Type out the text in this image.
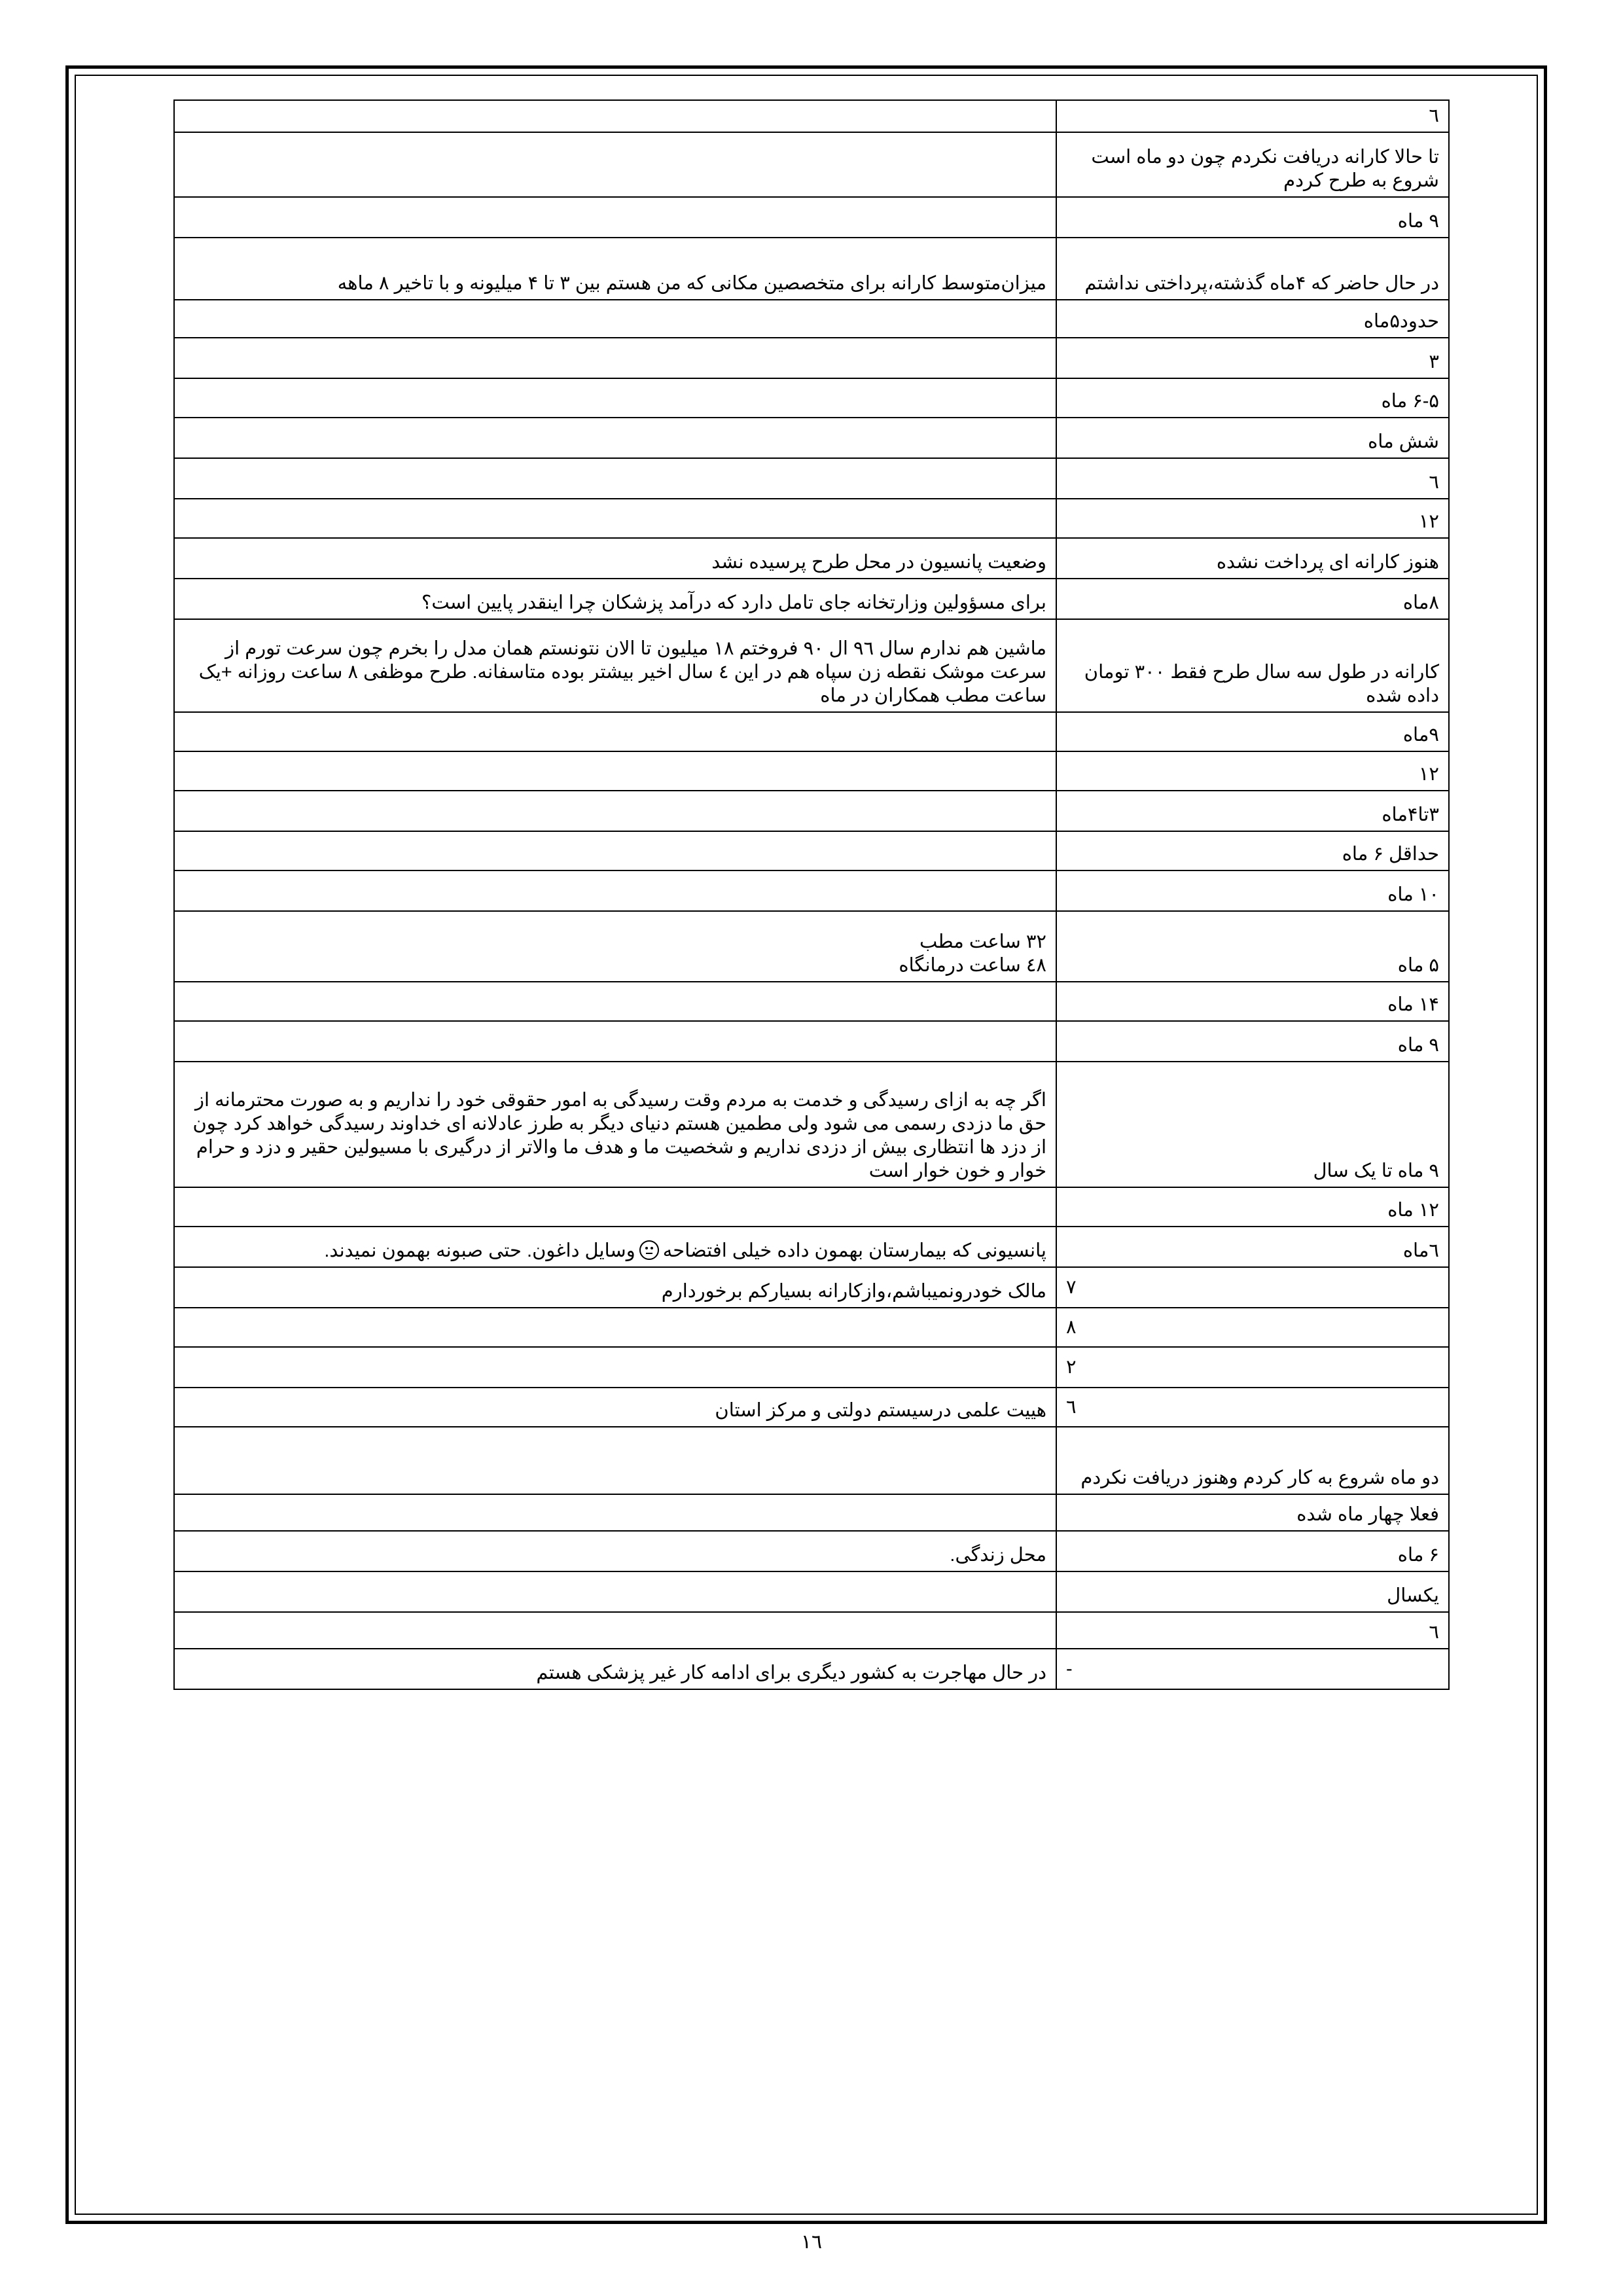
٦	
تا حالا کارانه دریافت نکردم چون دو ماه است شروع به طرح کردم	
۹ ماه	
در حال حاضر که ۴ماه گذشته،پرداختی نداشتم	میزان‌متوسط کارانه برای متخصصین مکانی که من هستم بین ۳ تا ۴ میلیونه و با تاخیر ۸ ماهه
حدود۵ماه	
۳	
۶-۵ ماه	
شش ماه	
٦	
۱۲	
هنوز کارانه ای پرداخت نشده	وضعیت پانسیون در محل طرح پرسیده نشد
۸ماه	برای مسؤولین وزارتخانه جای تامل دارد که درآمد پزشکان چرا اینقدر پایین است؟
کارانه در طول سه سال طرح فقط ۳۰۰ تومان داده شده	ماشین هم ندارم سال ٩٦ ال ٩٠ فروختم ١٨ میلیون تا الان نتونستم همان مدل را بخرم چون سرعت تورم از سرعت موشک نقطه زن سپاه هم در این ٤ سال اخیر بیشتر بوده متاسفانه. طرح موظفی ٨ ساعت روزانه +یک ساعت مطب همکاران در ماه
۹ماه	
۱۲	
۳تا۴ماه	
حداقل ۶ ماه	
۱۰ ماه	
۵ ماه	٣٢ ساعت مطب
٤٨ ساعت درمانگاه
۱۴ ماه	
۹ ماه	
۹ ماه تا یک سال	اگر چه به ازای رسیدگی و خدمت به مردم وقت رسیدگی به امور حقوقی خود را نداریم و به صورت محترمانه از حق ما دزدی رسمی می شود ولی مطمین هستم دنیای دیگر به طرز عادلانه ای خداوند رسیدگی خواهد کرد چون از دزد ها انتظاری بیش از دزدی نداریم و شخصیت ما و هدف ما والاتر از درگیری با مسیولین حقیر و دزد و حرام خوار و خون خوار است
۱۲ ماه	
٦ماه	پانسیونی که بیمارستان بهمون داده خیلی افتضاحه
وسایل داغون. حتی صبونه بهمون نمیدند.
۷	مالک خودرونمیباشم،وازکارانه بسیارکم برخوردارم
۸	
۲	
٦	هییت علمی درسیستم دولتی و مرکز استان
دو ماه شروع به کار کردم وهنوز دریافت نکردم	
فعلا چهار ماه شده	
۶ ماه	محل زندگی.
یکسال	
٦	
-	در حال مهاجرت به کشور دیگری برای ادامه کار غیر پزشکی هستم
١٦
